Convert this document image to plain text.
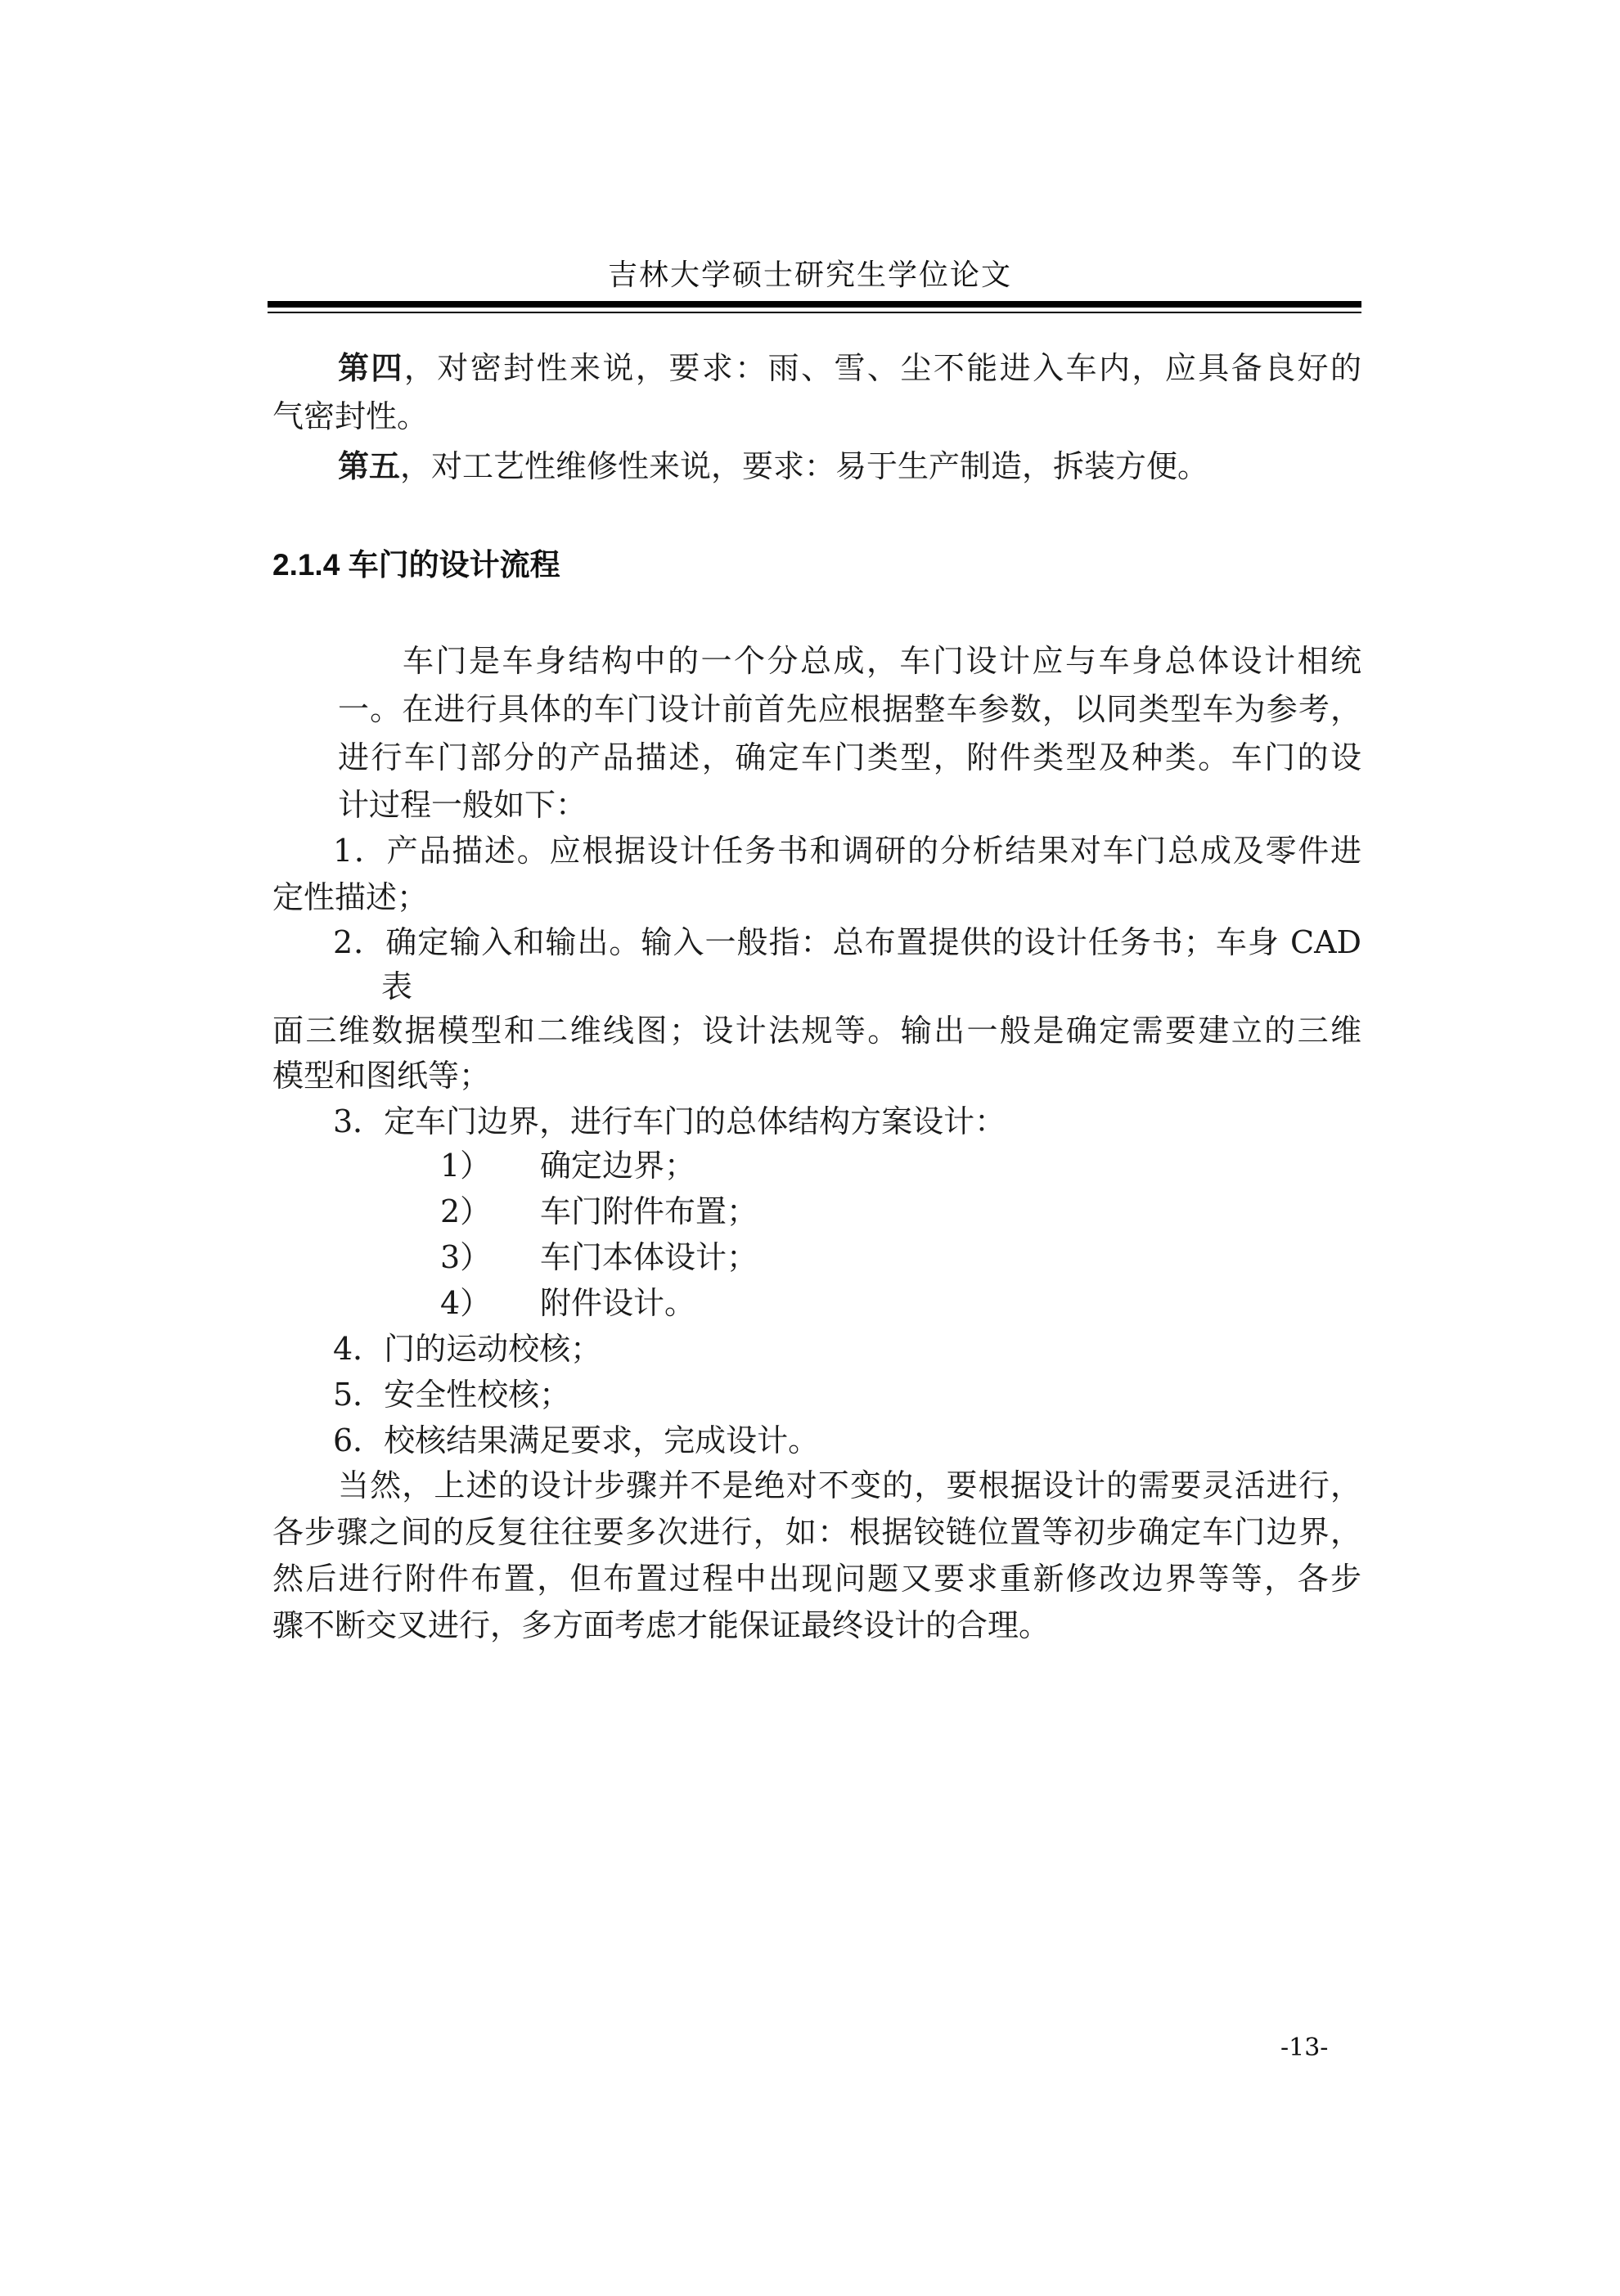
吉林大学硕士研究生学位论文
第四，对密封性来说，要求：雨、雪、尘不能进入车内，应具备良好的
气密封性。
第五，对工艺性维修性来说，要求：易于生产制造，拆装方便。
2.1.4 车门的设计流程
车门是车身结构中的一个分总成，车门设计应与车身总体设计相统
一。在进行具体的车门设计前首先应根据整车参数，以同类型车为参考，
进行车门部分的产品描述，确定车门类型，附件类型及种类。车门的设
计过程一般如下：
1．产品描述。应根据设计任务书和调研的分析结果对车门总成及零件进
定性描述；
2．确定输入和输出。输入一般指：总布置提供的设计任务书；车身 CAD
表
面三维数据模型和二维线图；设计法规等。输出一般是确定需要建立的三维
模型和图纸等；
3．定车门边界，进行车门的总体结构方案设计：
1） 确定边界；
2） 车门附件布置；
3） 车门本体设计；
4） 附件设计。
4．门的运动校核；
5．安全性校核；
6．校核结果满足要求，完成设计。
当然，上述的设计步骤并不是绝对不变的，要根据设计的需要灵活进行，
各步骤之间的反复往往要多次进行，如：根据铰链位置等初步确定车门边界，
然后进行附件布置，但布置过程中出现问题又要求重新修改边界等等，各步
骤不断交叉进行，多方面考虑才能保证最终设计的合理。
-13-
